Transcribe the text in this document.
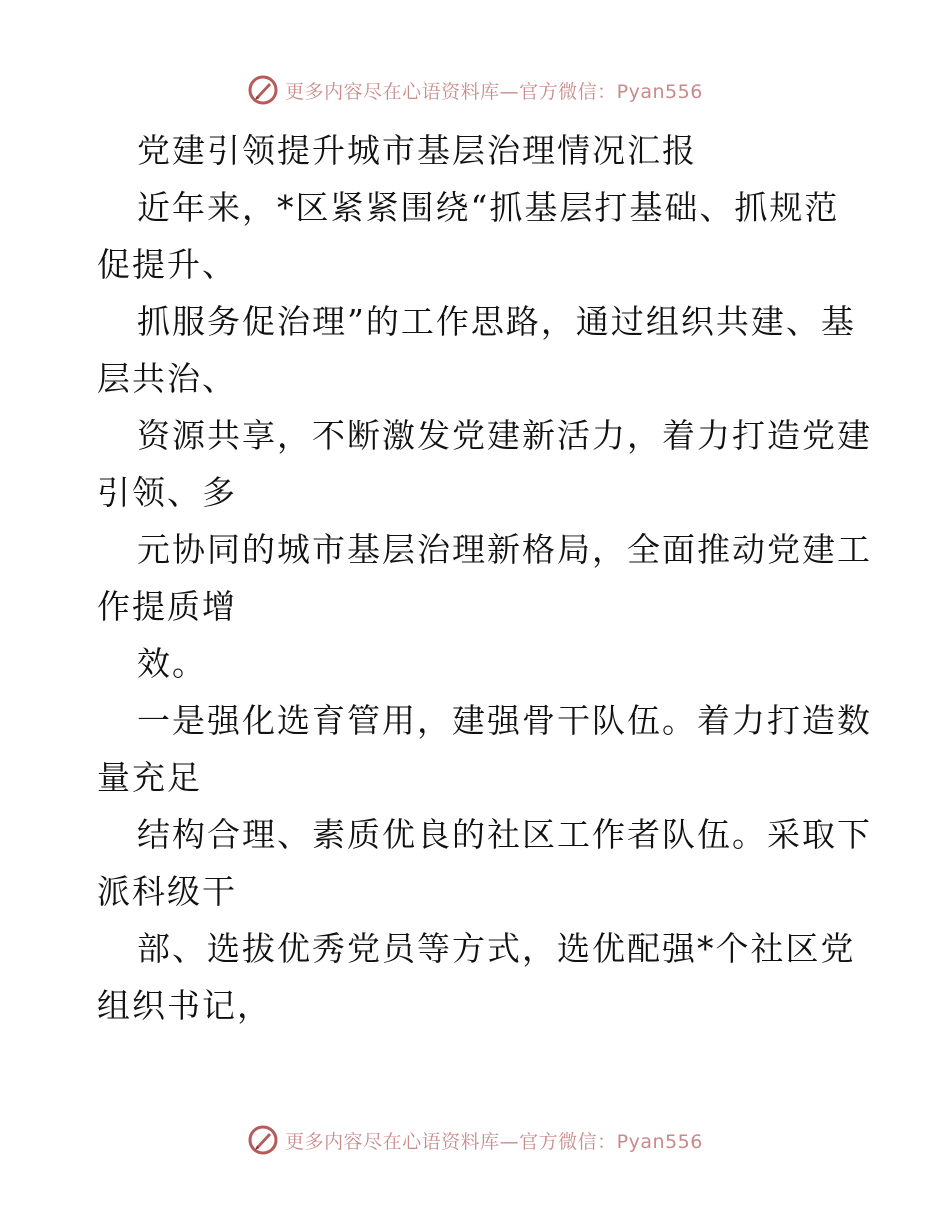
更多内容尽在心语资料库—官方微信：Pyan556
党建引领提升城市基层治理情况汇报
近年来，*区紧紧围绕“抓基层打基础、抓规范
促提升、
抓服务促治理”的工作思路，通过组织共建、基
层共治、
资源共享，不断激发党建新活力，着力打造党建
引领、多
元协同的城市基层治理新格局，全面推动党建工
作提质增
效。
一是强化选育管用，建强骨干队伍。着力打造数
量充足
结构合理、素质优良的社区工作者队伍。采取下
派科级干
部、选拔优秀党员等方式，选优配强*个社区党
组织书记，
更多内容尽在心语资料库—官方微信：Pyan556
